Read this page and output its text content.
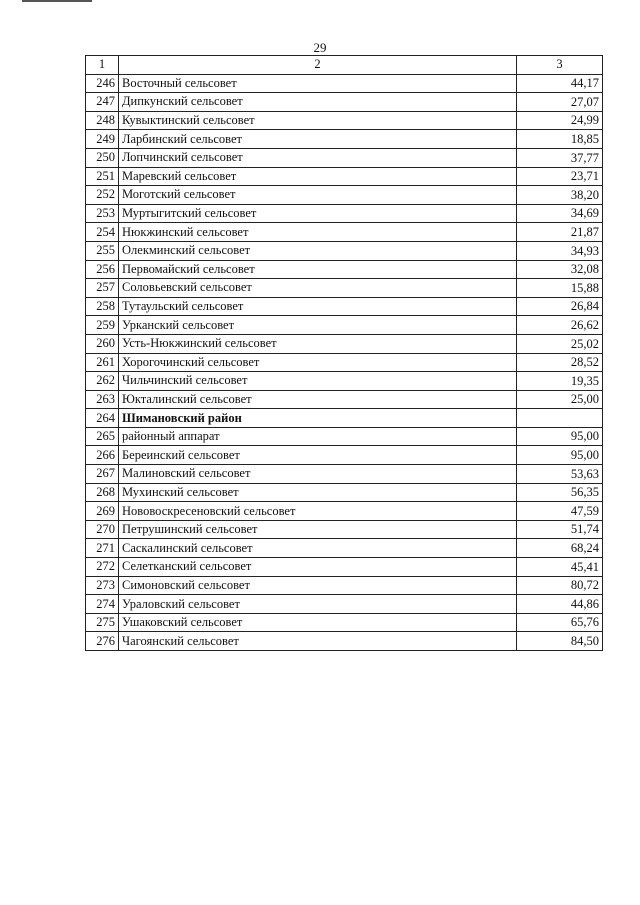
29
1	2	3
246	Восточный сельсовет	44,17
247	Дипкунский сельсовет	27,07
248	Кувыктинский сельсовет	24,99
249	Ларбинский сельсовет	18,85
250	Лопчинский сельсовет	37,77
251	Маревский сельсовет	23,71
252	Моготский сельсовет	38,20
253	Муртыгитский сельсовет	34,69
254	Нюкжинский сельсовет	21,87
255	Олекминский сельсовет	34,93
256	Первомайский сельсовет	32,08
257	Соловьевский сельсовет	15,88
258	Тутаульский сельсовет	26,84
259	Урканский сельсовет	26,62
260	Усть-Нюкжинский сельсовет	25,02
261	Хорогочинский сельсовет	28,52
262	Чильчинский сельсовет	19,35
263	Юкталинский сельсовет	25,00
264	Шимановский район	
265	районный аппарат	95,00
266	Береинский сельсовет	95,00
267	Малиновский сельсовет	53,63
268	Мухинский сельсовет	56,35
269	Нововоскресеновский сельсовет	47,59
270	Петрушинский сельсовет	51,74
271	Саскалинский сельсовет	68,24
272	Селетканский сельсовет	45,41
273	Симоновский сельсовет	80,72
274	Ураловский сельсовет	44,86
275	Ушаковский сельсовет	65,76
276	Чагоянский сельсовет	84,50
